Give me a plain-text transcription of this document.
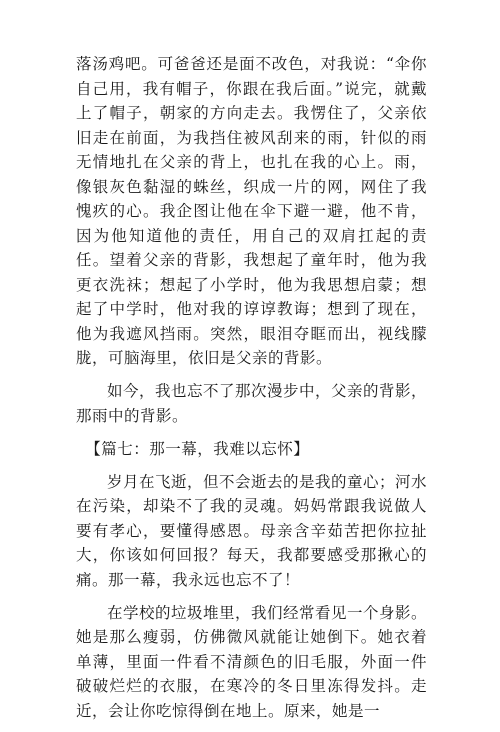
落汤鸡吧。可爸爸还是面不改色，对我说：“伞你自己用，我有帽子，你跟在我后面。”说完，就戴上了帽子，朝家的方向走去。我愣住了，父亲依旧走在前面，为我挡住被风刮来的雨，针似的雨无情地扎在父亲的背上，也扎在我的心上。雨，像银灰色黏湿的蛛丝，织成一片的网，网住了我愧疚的心。我企图让他在伞下避一避，他不肯，因为他知道他的责任，用自己的双肩扛起的责任。望着父亲的背影，我想起了童年时，他为我更衣洗袜；想起了小学时，他为我思想启蒙；想起了中学时，他对我的谆谆教诲；想到了现在，他为我遮风挡雨。突然，眼泪夺眶而出，视线朦胧，可脑海里，依旧是父亲的背影。

如今，我也忘不了那次漫步中，父亲的背影，那雨中的背影。

【篇七：那一幕，我难以忘怀】

岁月在飞逝，但不会逝去的是我的童心；河水在污染，却染不了我的灵魂。妈妈常跟我说做人要有孝心，要懂得感恩。母亲含辛茹苦把你拉扯大，你该如何回报？每天，我都要感受那揪心的痛。那一幕，我永远也忘不了！

在学校的垃圾堆里，我们经常看见一个身影。她是那么瘦弱，仿佛微风就能让她倒下。她衣着单薄，里面一件看不清颜色的旧毛服，外面一件破破烂烂的衣服，在寒冷的冬日里冻得发抖。走近，会让你吃惊得倒在地上。原来，她是一
